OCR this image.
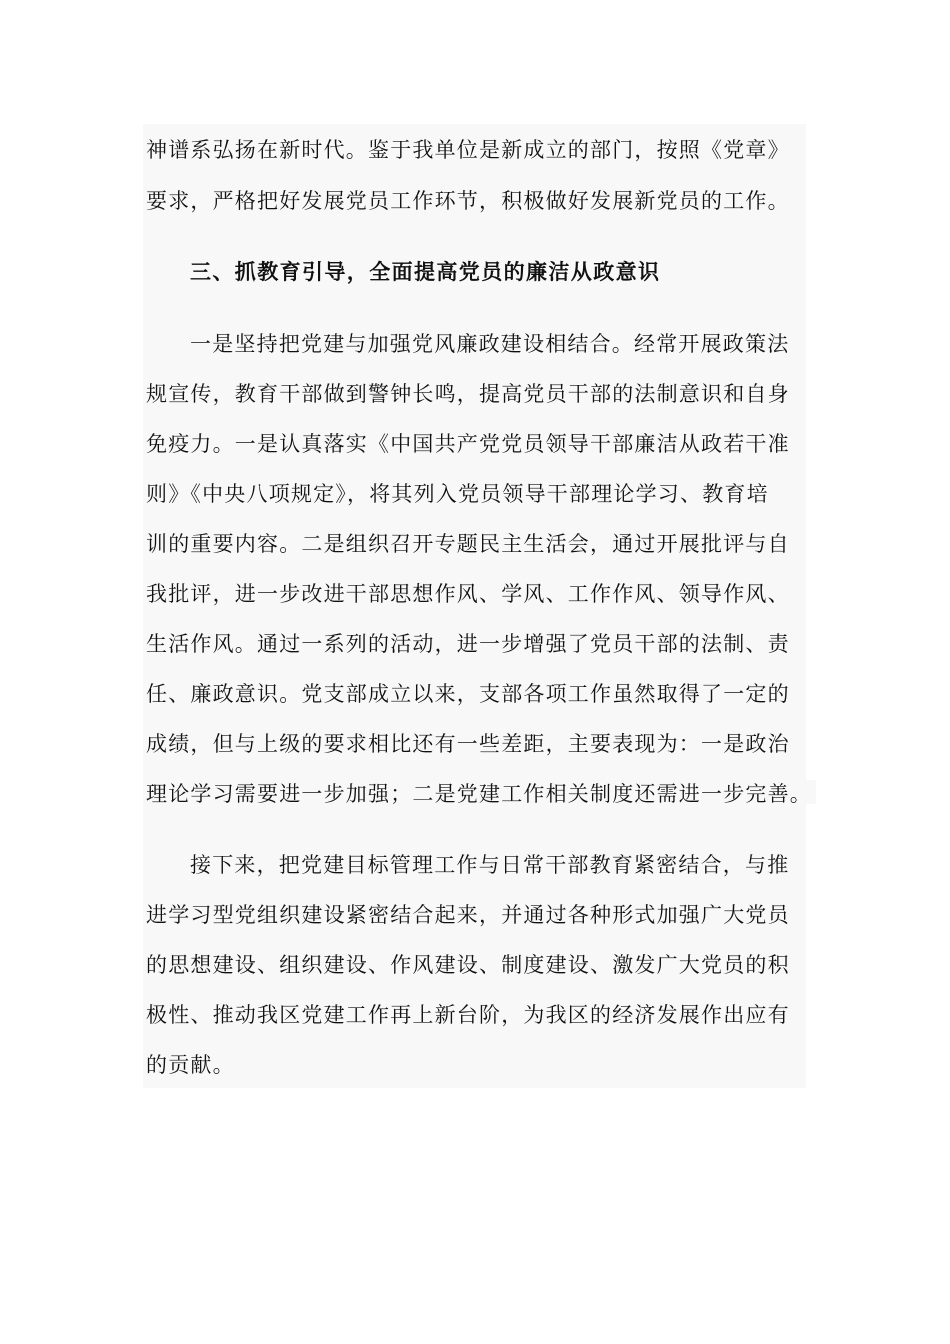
神谱系弘扬在新时代。鉴于我单位是新成立的部门，按照《党章》
要求，严格把好发展党员工作环节，积极做好发展新党员的工作。
三、抓教育引导，全面提高党员的廉洁从政意识
一是坚持把党建与加强党风廉政建设相结合。经常开展政策法
规宣传，教育干部做到警钟长鸣，提高党员干部的法制意识和自身
免疫力。一是认真落实《中国共产党党员领导干部廉洁从政若干准
则》《中央八项规定》，将其列入党员领导干部理论学习、教育培
训的重要内容。二是组织召开专题民主生活会，通过开展批评与自
我批评，进一步改进干部思想作风、学风、工作作风、领导作风、
生活作风。通过一系列的活动，进一步增强了党员干部的法制、责
任、廉政意识。党支部成立以来，支部各项工作虽然取得了一定的
成绩，但与上级的要求相比还有一些差距，主要表现为：一是政治
理论学习需要进一步加强；二是党建工作相关制度还需进一步完善。
接下来，把党建目标管理工作与日常干部教育紧密结合，与推
进学习型党组织建设紧密结合起来，并通过各种形式加强广大党员
的思想建设、组织建设、作风建设、制度建设、激发广大党员的积
极性、推动我区党建工作再上新台阶，为我区的经济发展作出应有
的贡献。
